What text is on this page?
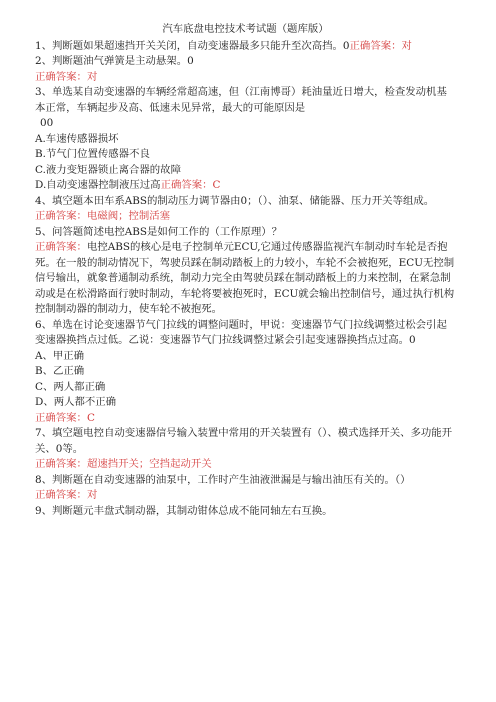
汽车底盘电控技术考试题（题库版）
1、判断题如果超速挡开关关闭，自动变速器最多只能升至次高挡。0正确答案：对
2、判断题油气弹簧是主动悬架。0
正确答案：对
3、单选某自动变速器的车辆经常超高速，但（江南博哥）耗油量近日增大，检查发动机基本正常，车辆起步及高、低速未见异常，最大的可能原因是
00
A.车速传感器损坏
B.节气门位置传感器不良
C.液力变矩器锁止离合器的故障
D.自动变速器控制液压过高正确答案：C
4、填空题本田车系ABS的制动压力调节器由0；（）、油泵、储能器、压力开关等组成。
正确答案：电磁阀；控制活塞
5、问答题简述电控ABS是如何工作的（工作原理）？
正确答案：电控ABS的核心是电子控制单元ECU,它通过传感器监视汽车制动时车轮是否抱死。在一般的制动情况下，驾驶员踩在制动踏板上的力较小，车轮不会被抱死，ECU无控制信号输出，就象普通制动系统，制动力完全由驾驶员踩在制动踏板上的力来控制，在紧急制动或是在松滑路面行驶时制动，车轮将要被抱死时，ECU就会输出控制信号，通过执行机构控制制动器的制动力，使车轮不被抱死。
6、单选在讨论变速器节气门拉线的调整问题时，甲说：变速器节气门拉线调整过松会引起变速器换挡点过低。乙说：变速器节气门拉线调整过紧会引起变速器换挡点过高。0
A、甲正确
B、乙正确
C、两人都正确
D、两人都不正确
正确答案：C
7、填空题电控自动变速器信号输入装置中常用的开关装置有（）、模式选择开关、多功能开关、0等。
正确答案：超速挡开关；空挡起动开关
8、判断题在自动变速器的油泵中，工作时产生油液泄漏是与输出油压有关的。（）
正确答案：对
9、判断题元丰盘式制动器，其制动钳体总成不能同轴左右互换。
